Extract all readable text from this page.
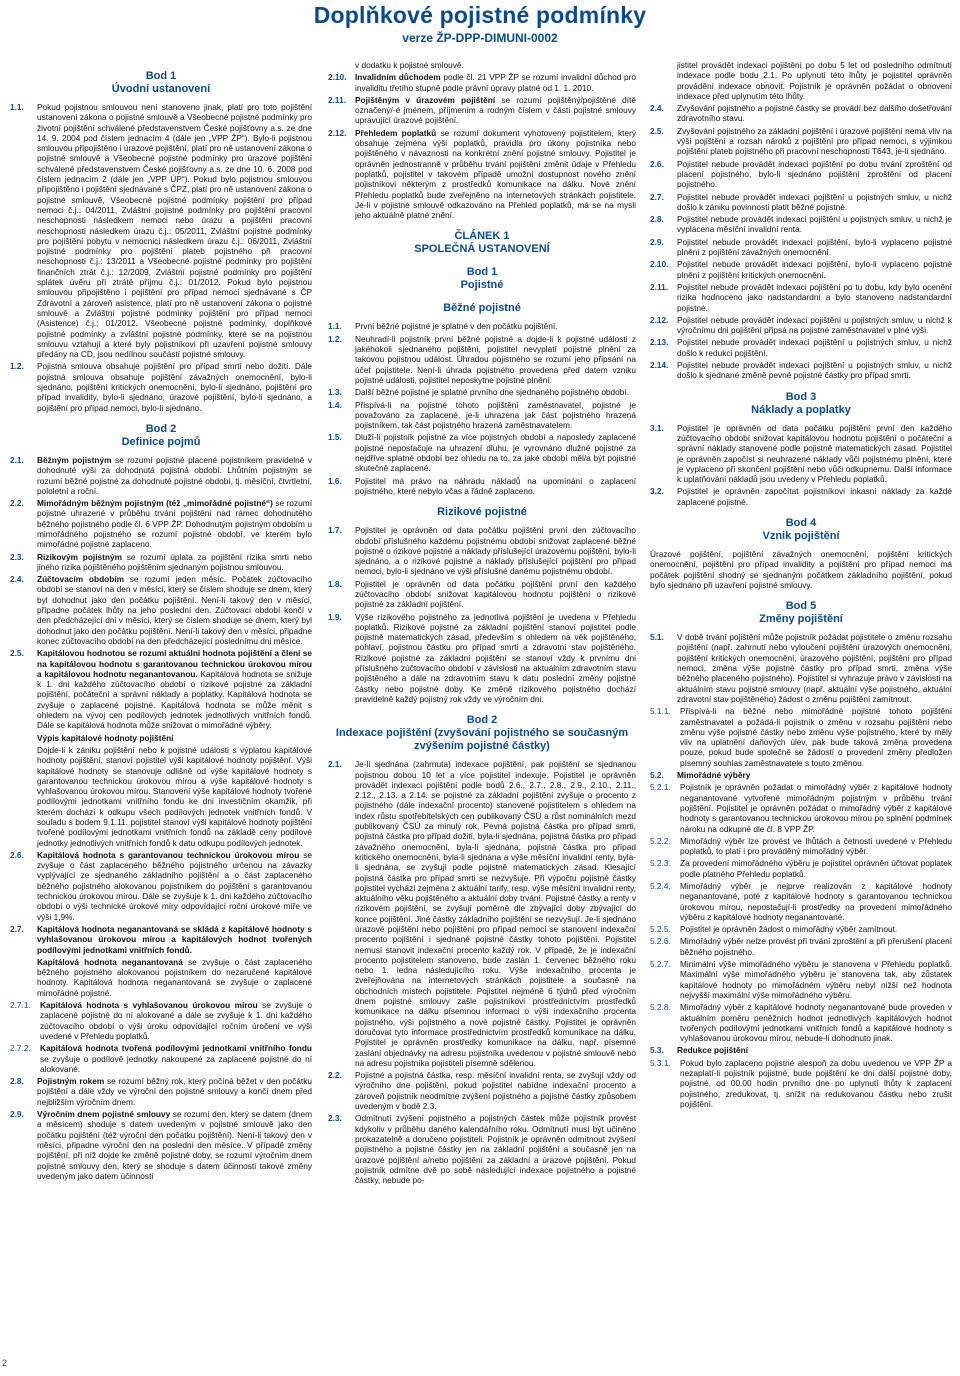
Doplňkové pojistné podmínky
verze ŽP-DPP-DIMUNI-0002
Bod 1
Úvodní ustanovení
1.1.	Pokud pojistnou smlouvou není stanoveno jinak, platí pro toto pojištění ustanovení zákona o pojistné smlouvě a Všeobecné pojistné podmínky pro životní pojištění schválené představenstvem České pojišťovny a.s. ze dne 14. 9. 2004 pod číslem jednacím 4 (dále jen „VPP ŽP“). Bylo-li pojistnou smlouvou připojištěno i úrazové pojištění, platí pro ně ustanovení zákona o pojistné smlouvě a Všeobecné pojistné podmínky pro úrazové pojištění schválené představenstvem České pojišťovny a.s. ze dne 10. 6. 2008 pod číslem jednacím 2 (dále jen „VPP ÚP“). Pokud bylo pojistnou smlouvou připojištěno i pojištění sjednávané s ČPZ, platí pro ně ustanovení zákona o pojistné smlouvě, Všeobecné pojistné podmínky pojištění pro případ nemoci č.j.: 04/2011, Zvláštní pojistné podmínky pro pojištění pracovní neschopnosti následkem nemoci nebo úrazu a pojištění pracovní neschopnosti následkem úrazu č.j.: 05/2011, Zvláštní pojistné podmínky pro pojištění pobytu v nemocnici následkem úrazu č.j.: 06/2011, Zvláštní pojistné podmínky pro pojištění plateb pojistného při pracovní neschopnosti č.j.: 13/2011 a Všeobecné pojistné podmínky pro pojištění finančních ztrát č.j.: 12/2009, Zvláštní pojistné podmínky pro pojištění splátek úvěru při ztrátě příjmu č.j.: 01/2012. Pokud bylo pojistnou smlouvou připojištěno i pojištění pro případ nemoci sjednávané s ČP Zdravotní a zároveň asistence, platí pro ně ustanovení zákona o pojistné smlouvě a Zvláštní pojistné podmínky pojištění pro případ nemoci (Asistence) č.j.: 01/2012. Všeobecné pojistné podmínky, doplňkové pojistné podmínky a zvláštní pojistné podmínky, které se na pojistnou smlouvu vztahují a které byly pojistníkovi při uzavření pojistné smlouvy předány na CD, jsou nedílnou součástí pojistné smlouvy.
1.2.	Pojistná smlouva obsahuje pojištění pro případ smrti nebo dožití. Dále pojistná smlouva obsahuje pojištění závažných onemocnění, bylo-li sjednáno, pojištění kritických onemocnění, bylo-li sjednáno, pojištění pro případ invalidity, bylo-li sjednáno, úrazové pojištění, bylo-li sjednáno, a pojištění pro případ nemoci, bylo-li sjednáno.
Bod 2
Definice pojmů
2.1.	Běžným pojistným se rozumí pojistné placené pojistníkem pravidelně v dohodnuté výši za dohodnutá pojistná období. Lhůtním pojistným se rozumí běžné pojistné za dohodnuté pojistné období, tj. měsíční, čtvrtletní, pololetní a roční.
2.2.	Mimořádným běžným pojistným (též „mimořádné pojistné“) se rozumí pojistné uhrazené v průběhu trvání pojištění nad rámec dohodnutého běžného pojistného podle čl. 6 VPP ŽP. Dohodnutým pojistným obdobím u mimořádného pojistného se rozumí pojistné období, ve kterém bylo mimořádné pojistné zaplaceno.
2.3.	Rizikovým pojistným se rozumí úplata za pojištění rizika smrti nebo jiného rizika pojištěného pojištěním sjednaným pojistnou smlouvou.
2.4.	Zúčtovacím obdobím se rozumí jeden měsíc. Počátek zúčtovacího období se stanoví na den v měsíci, který se číslem shoduje se dnem, který byl dohodnut jako den počátku pojištění. Není-li takový den v měsíci, připadne počátek lhůty na jeho poslední den. Zúčtovací období končí v den předcházející dni v měsíci, který se číslem shoduje se dnem, který byl dohodnut jako den počátku pojištění. Není-li takový den v měsíci, připadne konec zúčtovacího období na den předcházející poslednímu dni měsíce.
2.5.	Kapitálovou hodnotou se rozumí aktuální hodnota pojištění a člení se na kapitálovou hodnotu s garantovanou technickou úrokovou mírou a kapitálovou hodnotu neganantovanou. Kapitálová hodnota se snižuje k 1. dni každého zúčtovacího období o rizikové pojistné za základní pojištění, počáteční a správní náklady a poplatky. Kapitálová hodnota se zvyšuje o zaplacené pojistné. Kapitálová hodnota se může měnit s ohledem na vývoj cen podílových jednotek jednotlivých vnitřních fondů. Dále se kapitálová hodnota může snižovat o mimořádné výběry.
Výpis kapitálové hodnoty pojištění
Dojde-li k zániku pojištění nebo k pojistné události s výplatou kapitálové hodnoty pojištění, stanoví pojistitel výši kapitálové hodnoty pojištění. Výši kapitálové hodnoty se stanovuje odlišně od výše kapitálové hodnoty s garantovanou technickou úrokovou mírou a výše kapitálové hodnoty s vyhlašovanou úrokovou mírou. Stanovení výše kapitálové hodnoty tvořené podílovými jednotkami vnitřního fondu ke dni investičním okamžik, při kterém dochází k odkupu všech podílových jednotek vnitřních fondů. V souladu s bodem 9.1.11. pojistitel stanoví výši kapitálové hodnoty pojištění tvořené podílovými jednotkami vnitřních fondů na základě ceny podílové jednotky jednotlivých vnitřních fondů k datu odkupu podílových jednotek.
2.6.	Kapitálová hodnota s garantovanou technickou úrokovou mírou se zvyšuje o část zaplaceného běžného pojistného určenou na závazky vyplývající ze sjednaného základního pojištění a o část zaplaceného běžného pojistného alokovanou pojistníkem do pojištění s garantovanou technickou úrokovou mírou. Dále se zvyšuje k 1. dni každého zúčtovacího období o výši technické úrokové míry odpovídající roční úrokové míře ve výši 1,9%.
2.7.	Kapitálová hodnota neganantovaná se skládá z kapitálové hodnoty s vyhlašovanou úrokovou mírou a kapitálových hodnot tvořených podílovými jednotkami vnitřních fondů.
Kapitálová hodnota neganantovaná se zvyšuje o část zaplaceného běžného pojistného alokovanou pojistníkem do nezaručené kapitálové hodnoty. Kapitálová hodnota neganantovaná se zvyšuje o zaplacené mimořádné pojistné.
2.7.1.	Kapitálová hodnota s vyhlašovanou úrokovou mírou se zvyšuje o zaplacené pojistné do ní alokované a dále se zvyšuje k 1. dni každého zúčtovacího období o výši úroku odpovídající ročním úročení ve výši uvedené v Přehledu poplatků.
2.7.2.	Kapitálová hodnota tvořená podílovými jednotkami vnitřního fondu se zvyšuje o podílově jednotky nakoupené za zaplacené pojistné do ní alokované.
2.8.	Pojistným rokem se rozumí běžný rok, který počíná běžet v den počátku pojištění a dále vždy ve výroční den pojistné smlouvy a končí dnem před nejbližším výročním dnem.
2.9.	Výročním dnem pojistné smlouvy se rozumí den, který se datem (dnem a měsícem) shoduje s datem uvedeným v pojistné smlouvě jako den počátku pojištění (též výroční den počátku pojištění). Není-li takový den v měsíci, připadne výroční den na poslední den měsíce. V případě změny pojištění, při níž dojde ke změně pojistné doby, se rozumí výročním dnem pojistné smlouvy den, který se shoduje s datem účinnosti takové změny uvedeným jako datem účinnosti
v dodatku k pojistné smlouvě.
2.10.	Invalidním důchodem podle čl. 21 VPP ŽP se rozumí invalidní důchod pro invaliditu třetího stupně podle právní úpravy platné od 1. 1. 2010.
2.11.	Pojištěným v úrazovém pojištění se rozumí pojištěný/pojištěné dítě označený/-é jménem, příjmením a rodným číslem v části pojistné smlouvy upravující úrazové pojištění.
2.12.	Přehledem poplatků se rozumí dokument vyhotovený pojistitelem, který obsahuje zejména výši poplatků, pravidla pro úkony pojistníka nebo pojištěného v návaznosti na konkrétní znění pojistné smlouvy. Pojistitel je oprávněn jednostranně v průběhu trvání pojištění změnit údaje v Přehledu poplatků, pojistitel v takovém případě umožní dostupnost nového znění pojistníkovi některým z prostředků komunikace na dálku. Nové znění Přehledu poplatků bude zveřejněno na internetových stránkách pojistitele. Je-li v pojistné smlouvě odkazováno na Přehled poplatků, má se na mysli jeho aktuálně platné znění.
ČLÁNEK 1
SPOLEČNÁ USTANOVENÍ
Bod 1
Pojistné
Běžné pojistné
1.1.	První běžné pojistné je splatné v den počátku pojištění.
1.2.	Neuhradí-li pojistník první běžné pojistné a dojde-li k pojistné události z jakéhokoli sjednaného pojištění, pojistitel nevyplatí pojistné plnění za takovou pojistnou událost. Úhradou pojistného se rozumí jeho připsání na účet pojistitele. Není-li úhrada pojistného provedena před datem vzniku pojistné události, pojistitel neposkytne pojistné plnění.
1.3.	Další běžné pojistné je splatné prvního dne sjednaného pojistného období.
1.4.	Přispívá-li na pojistné tohoto pojištění zaměstnavatel, pojistné je považováno za zaplacené, je-li uhrazena jak část pojistného hrazená pojistníkem, tak část pojistného hrazená zaměstnavatelem.
1.5.	Dluží-li pojistník pojistné za více pojistných období a naposledy zaplacené pojistné nepostačuje na uhrazení dluhu, je vyrovnáno dlužné pojistné za nejdříve splatné období bez ohledu na to, za jaké období měl/a být pojistné skutečně zaplacené.
1.6.	Pojistitel má právo na náhradu nákladů na upomínání o zaplacení pojistného, které nebylo včas a řádně zaplaceno.
Rizikové pojistné
1.7.	Pojistitel je oprávněn od data počátku pojištění první den zúčtovacího období příslušného každému pojistnému období snižovat zaplacené běžné pojistné o rizikové pojistné a náklady příslušející úrazovému pojištění, bylo-li sjednáno, a o rizikové pojistné a náklady příslušející pojištění pro případ nemoci, bylo-li sjednáno ve výši příslušné danému pojistnému období.
1.8.	Pojistitel je oprávněn od data počátku pojištění první den každého zúčtovacího období snižovat kapitálovou hodnotu pojištění o rizikové pojistné za základní pojištění.
1.9.	Výše rizikového pojistného za jednotlivá pojištění je uvedena v Přehledu poplatků. Rizikové pojistné za základní pojištění stanoví pojistitel podle pojistně matematických zásad, především s ohledem na věk pojištěného, pohlaví, pojistnou částku pro případ smrti a zdravotní stav pojištěného. Rizikové pojistné za základní pojištění se stanoví vždy k prvnímu dni příslušného zúčtovacího období v závislosti na aktuálním zdravotním stavu pojištěného a dále na zdravotním stavu k datu poslední změny pojistné částky nebo pojistné doby. Ke změně rizikového pojistného dochází pravidelně každý pojistný rok vždy ve výročním dni.
Bod 2
Indexace pojištění (zvyšování pojistného se současným zvýšením pojistné částky)
2.1.	Je-li sjednána (zahrnuta) indexace pojištění, pak pojištění se sjednanou pojistnou dobou 10 let a více pojistitel indexuje. Pojistitel je oprávněn provádět indexaci pojištění podle bodů 2.6., 2.7., 2.8., 2.9., 2.10., 2.11., 2.12., 2.13. a 2.14. se pojistné za základní pojištění zvyšuje o procento z pojistného (dále indexační procento) stanovené pojistitelem s ohledem na index růstu spotřebitelských cen publikovaný ČSÚ a růst nominálních mezd publikovaný ČSÚ za minulý rok. Pevná pojistná částka pro případ smrti, pojistná částka pro případ dožití, byla-li sjednána, pojistná částka pro případ závažného onemocnění, byla-li sjednána, pojistná částka pro případ kritického onemocnění, byla-li sjednána a výše měsíční invalidní renty, byla-li sjednána, se zvyšují podle pojistně matematických zásad. Klesající pojistná částka pro případ smrti se nezvyšuje. Při výpočtu pojistné částky pojistitel vychází zejména z aktuální tarify, resp. výše měsíční invalidní renty, aktuálního věku pojištěného a aktuální doby trvání. Pojistné částky a renty v rizikovém pojištění, se zvyšují poměrně dle zbývající doby zbývající do konce pojištění. Jiné částky základního pojištění se nezvyšují. Je-li sjednáno úrazové pojištění nebo pojištění pro případ nemoci se stanovení indexační procento pojištění i sjednané pojistné částky tohoto pojištění. Pojistitel nemusí stanovit indexační procento každý rok. V případě, že je indexační procento pojistitelem stanoveno, bude zaslán 1. červenec běžného roku nebo 1. ledna následujícího roku. Výše indexačního procenta je zveřejňována na internetových stránkách pojistitele a současně na obchodních místech pojistitele. Pojistitel nejméně 6 týdnů před výročním dnem pojistné smlouvy zašle pojistníkovi prostřednictvím prostředků komunikace na dálku písemnou informaci o výši indexačního procenta pojistného, výši pojistného a nové pojistné částky. Pojistitel je oprávněn doručovat tyto informace prostřednictvím prostředků komunikace na dálku. Pojistitel je oprávněn prostředky komunikace na dálku, např. písemné zaslání objednávky na adresu pojistníka uvedenou v pojistné smlouvě nebo na adresu pojistníka pojistiteli písemně sdělenou.
2.2.	Pojistné a pojistná částka, resp. měsíční invalidní renta, se zvyšují vždy od výročního dne pojištění, pokud pojistitel nabídne indexační procento a zároveň pojistník neodmítne zvýšení pojistného a pojistné částky způsobem uvedeným v bodě 2.3.
2.3.	Odmítnutí zvýšení pojistného a pojistných částek může pojistník provést kdykoliv v průběhu daného kalendářního roku. Odmítnutí musí být učiněno prokazatelně a doručeno pojistiteli. Pojistník je oprávněn odmítnout zvýšení pojistného a pojistné částky jen na základní pojištění a současně jen na úrazové pojištění a/nebo pojištění za základní a úrazové pojištění. Pokud pojistník odmítne dvě po sobě následující indexace pojistného a pojistné částky, nebude po-
jistitel provádět indexaci pojištění po dobu 5 let od posledního odmítnutí indexace podle bodu 2.1. Po uplynutí této lhůty je pojistitel oprávněn provádění indexace obnovit. Pojistník je oprávněn požádat o obnovení indexace před uplynutím této lhůty.
2.4.	Zvyšování pojistného a pojistné částky se provádí bez dalšího došetřování zdravotního stavu.
2.5.	Zvyšování pojistného za základní pojištění i úrazové pojištění nemá vliv na výši pojištění a rozsah nároků z pojištění pro případ nemoci, s výjimkou pojištění plateb pojistného při pracovní neschopnosti T643, je-li sjednáno.
2.6.	Pojistitel nebude provádět indexaci pojištění po dobu trvání zproštění od placení pojistného, bylo-li sjednáno pojištění zproštění od placení pojistného.
2.7.	Pojistitel nebude provádět indexaci pojištění u pojistných smluv, u nichž došlo k zániku povinnosti platit běžné pojistné.
2.8.	Pojistitel nebude provádět indexaci pojištění u pojistných smluv, u nichž je vyplácena měsíční invalidní renta.
2.9.	Pojistitel nebude provádět indexaci pojištění, bylo-li vyplaceno pojistné plnění z pojištění závažných onemocnění.
2.10.	Pojistitel nebude provádět indexaci pojištění, bylo-li vyplaceno pojistné plnění z pojištění kritických onemocnění.
2.11.	Pojistitel nebude provádět indexaci pojištění po tu dobu, kdy bylo ocenění rizika hodnoceno jako nadstandardní a bylo stanoveno nadstandardní pojistné.
2.12.	Pojistitel nebude provádět indexaci pojištění u pojistných smluv, u nichž k výročnímu dni pojištění připsá na pojistné zaměstnavatel v plné výši.
2.13.	Pojistitel nebude provádět indexaci pojištění u pojistných smluv, u nichž došlo k redukci pojištění.
2.14.	Pojistitel nebude provádět indexaci pojištění u pojistných smluv, u nichž došlo k sjednané změně pevné pojistné částky pro případ smrti.
Bod 3
Náklady a poplatky
3.1.	Pojistitel je oprávněn od data počátku pojištění první den každého zúčtovacího období snižovat kapitálovou hodnotu pojištění o počáteční a správní náklady stanovené podle pojistně matematických zásad. Pojistitel je oprávněn započíst si neuhrazené náklady vůči pojistnému plnění, které je vyplaceno při skončení pojištění nebo vůči odkupnému. Další informace k uplatňování nákladů jsou uvedeny v Přehledu poplatků.
3.2.	Pojistitel je oprávněn započítat pojistníkovi inkasní náklady za každé zaplacené pojistné.
Bod 4
Vznik pojištění
Úrazové pojištění, pojištění závažných onemocnění, pojištění kritických onemocnění, pojištění pro případ invalidity a pojištění pro případ nemoci má počátek pojištění shodný se sjednaným počátkem základního pojištění, pokud bylo sjednáno při uzavření pojistné smlouvy.
Bod 5
Změny pojištění
5.1.	V době trvání pojištění může pojistník požádat pojistitele o změnu rozsahu pojištění (např. zahrnutí nebo vyloučení pojištění úrazových onemocnění, pojištění kritických onemocnění, úrazového pojištění, pojištění pro případ nemoci, změna výše pojistné částky pro případ smrti, změna výše běžného placeného pojistného). Pojistitel si vyhrazuje právo v závislosti na aktuálním stavu pojistné smlouvy (např. aktuální výše pojistného, aktuální zdravotní stav pojištěného) žádost o změnu pojištění zamítnout.
5.1.1.	Přispívá-li na běžné nebo mimořádné pojistné tohoto pojištění zaměstnavatel a požádá-li pojistník o změnu v rozsahu pojištění nebo změnu výše pojistné částky nebo změnu výše pojistného, které by měly vliv na uplatnění daňových úlev, pak bude taková změna provedena pouze, pokud bude společně se žádostí o provedení změny předložen písemný souhlas zaměstnavatele s touto změnou.
5.2.	Mimořádné výběry
5.2.1.	Pojistník je oprávněn požádat o mimořádný výběr z kapitálové hodnoty neganantované vytvořené mimořádným pojistným v průběhu trvání pojištění. Pojistitel je oprávněn požádat o mimořádný výběr z kapitálové hodnoty s garantovanou technickou úrokovou mírou po splnění podmínek nároku na odkupné dle čl. 8 VPP ŽP.
5.2.2.	Mimořádný výběr lze provést ve lhůtách a četnosti uvedené v Přehledu poplatků, to platí i pro prováděný mimořádný výběr.
5.2.3.	Za provedení mimořádného výběru je pojistitel oprávněn účtovat poplatek podle platného Přehledu poplatků.
5.2.4.	Mimořádný výběr je nejprve realizován z kapitálové hodnoty neganantované, poté z kapitálové hodnoty s garantovanou technickou úrokovou mírou, nepostačují-li prostředky na provedení mimořádného výběru z kapitálové hodnoty neganantované.
5.2.5.	Pojistitel je oprávněn žádost o mimořádný výběr zamítnout.
5.2.6.	Mimořádný výběr nelze provést při trvání zproštění a při přerušení placení běžného pojistného.
5.2.7.	Minimální výše mimořádného výběru je stanovena v Přehledu poplatků. Maximální výše mimořádného výběru je stanovena tak, aby zůstatek kapitálové hodnoty po mimořádném výběru nebyl nižší než hodnota nejvyšší maximální výše mimořádného výběru.
5.2.8.	Mimořádný výběr z kapitálové hodnoty neganantované bude proveden v aktuálním poměru peněžních hodnot jednotlivých kapitálových hodnot tvořených podílovými jednotkami vnitřních fondů a kapitálové hodnoty s vyhlašovanou úrokovou mírou, nebude-li dohodnuto jinak.
5.3.	Redukce pojištění
5.3.1.	Pokud bylo zaplaceno pojistné alespoň za dobu uvedenou ve VPP ŽP a nezaplatí-li pojistník pojistné, bude pojištění ke dni další pojistné doby, pojistné, od 00.00 hodin prvního dne po uplynutí lhůty k zaplacení pojistného, zredukovat, tj. snížit na redukovanou částku nebo zrušit pojištění.
2
